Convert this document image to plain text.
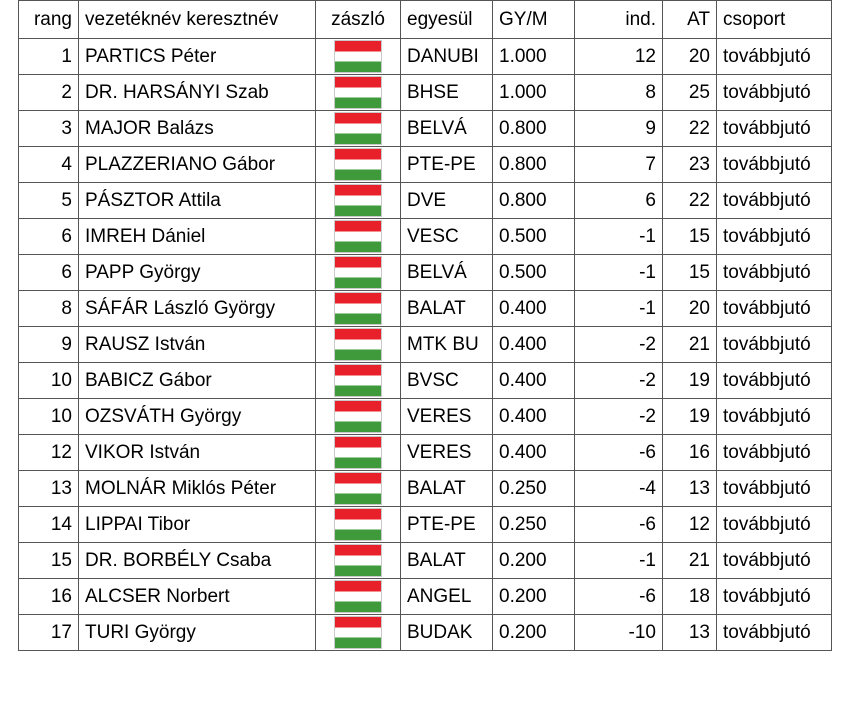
rang	vezetéknév keresztnév	zászló	egyesül	GY/M	ind.	AT	csoport
1	PARTICS Péter		DANUBI	1.000	12	20	továbbjutó
2	DR. HARSÁNYI Szab		BHSE	1.000	8	25	továbbjutó
3	MAJOR Balázs		BELVÁ	0.800	9	22	továbbjutó
4	PLAZZERIANO Gábor		PTE-PE	0.800	7	23	továbbjutó
5	PÁSZTOR Attila		DVE	0.800	6	22	továbbjutó
6	IMREH Dániel		VESC	0.500	-1	15	továbbjutó
6	PAPP György		BELVÁ	0.500	-1	15	továbbjutó
8	SÁFÁR László György		BALAT	0.400	-1	20	továbbjutó
9	RAUSZ István		MTK BU	0.400	-2	21	továbbjutó
10	BABICZ Gábor		BVSC	0.400	-2	19	továbbjutó
10	OZSVÁTH György		VERES	0.400	-2	19	továbbjutó
12	VIKOR István		VERES	0.400	-6	16	továbbjutó
13	MOLNÁR Miklós Péter		BALAT	0.250	-4	13	továbbjutó
14	LIPPAI Tibor		PTE-PE	0.250	-6	12	továbbjutó
15	DR. BORBÉLY Csaba		BALAT	0.200	-1	21	továbbjutó
16	ALCSER Norbert		ANGEL	0.200	-6	18	továbbjutó
17	TURI György		BUDAK	0.200	-10	13	továbbjutó
